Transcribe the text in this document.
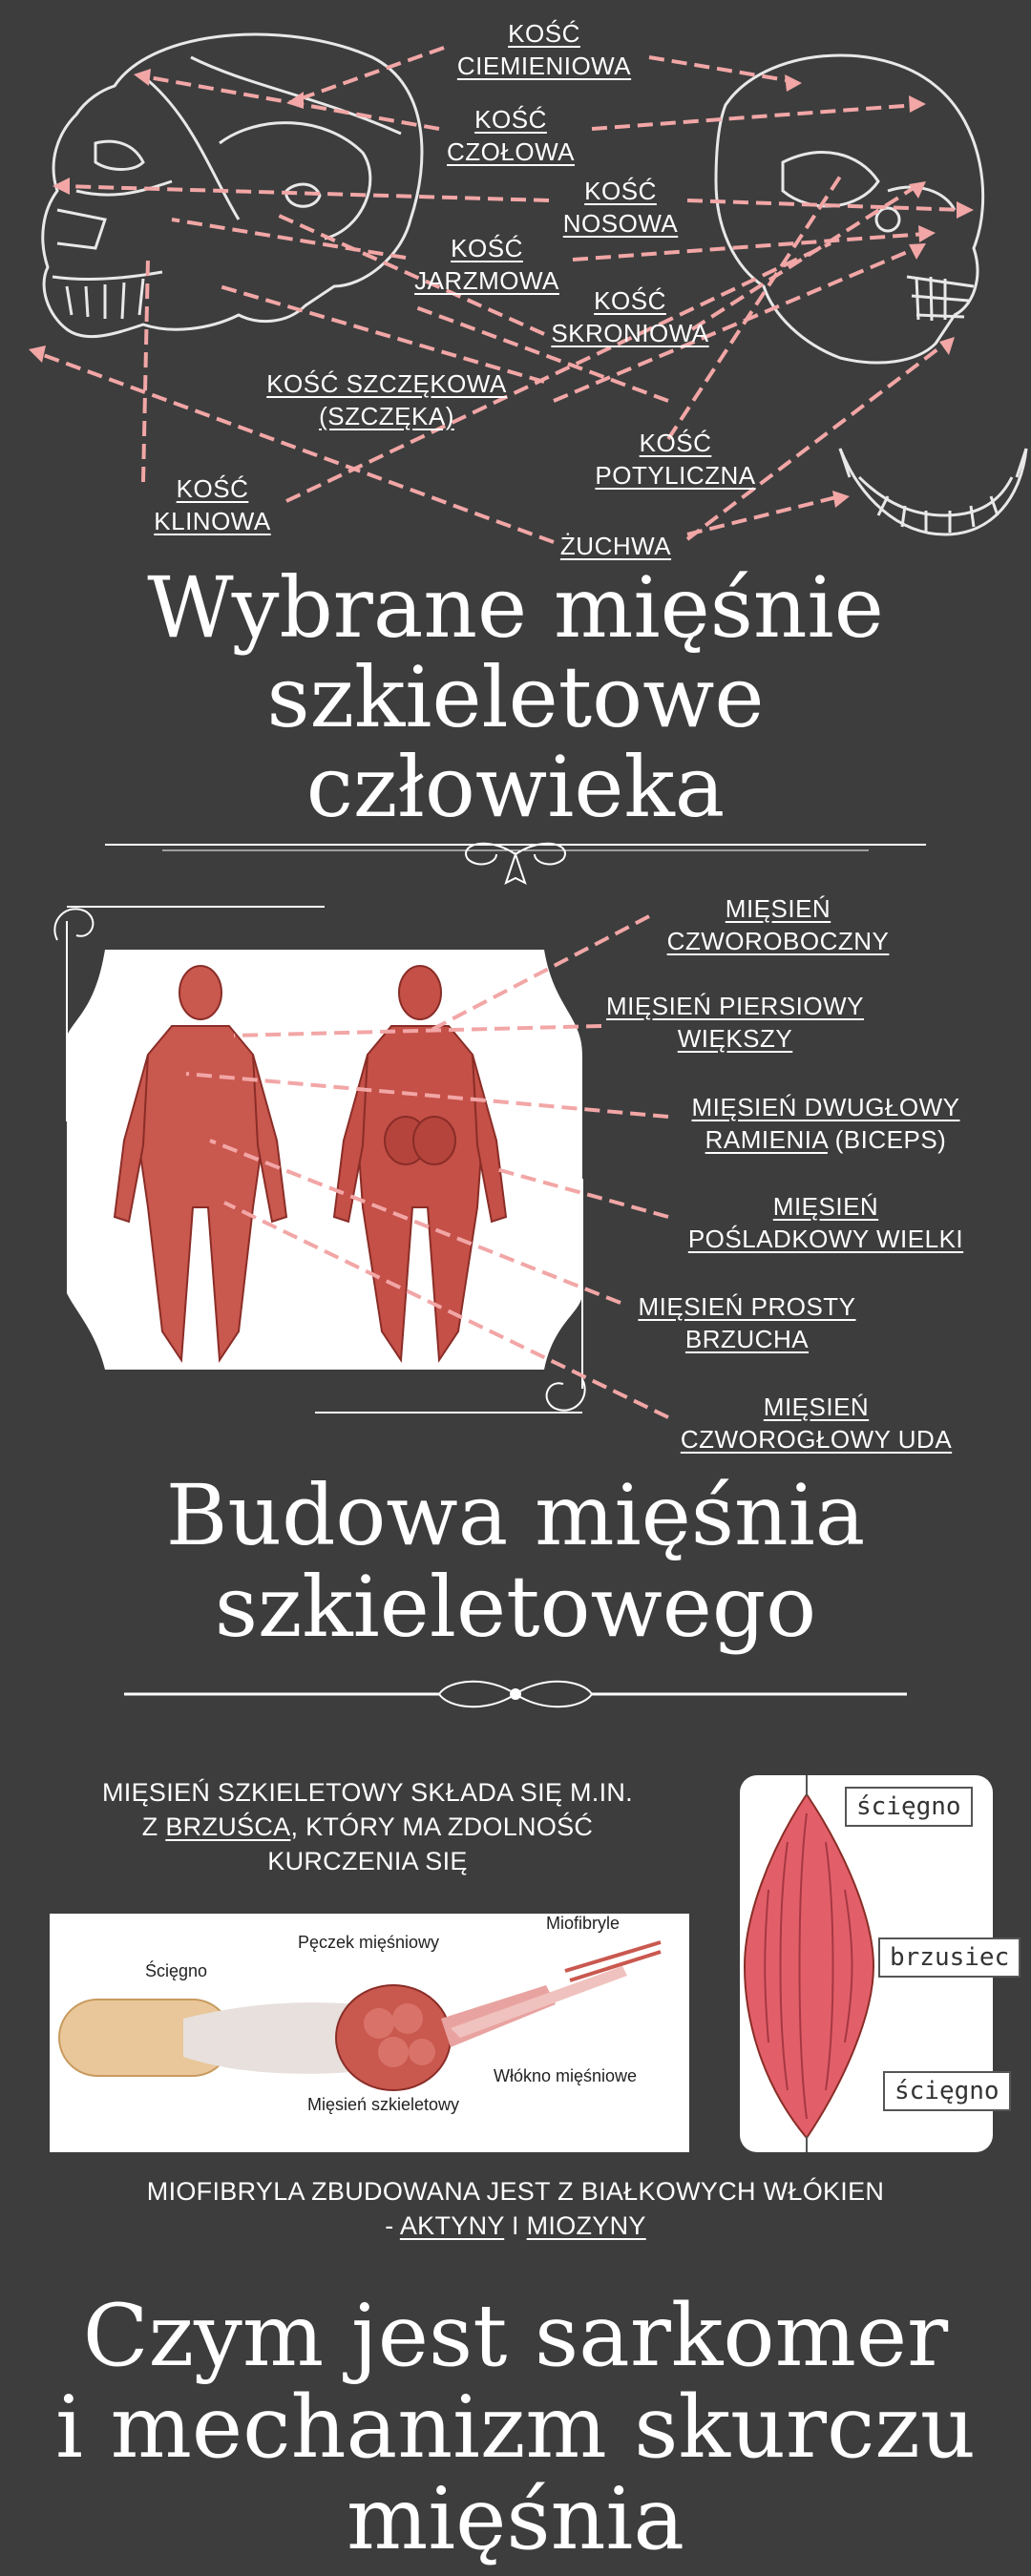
KOŚĆ
CIEMIENIOWA
KOŚĆ
CZOŁOWA
KOŚĆ
NOSOWA
KOŚĆ
JARZMOWA
KOŚĆ
SKRONIOWA
KOŚĆ SZCZĘKOWA
(SZCZĘKA)
KOŚĆ
POTYLICZNA
KOŚĆ
KLINOWA
ŻUCHWA
Wybrane mięśnie
szkieletowe
człowieka
MIĘSIEŃ
CZWOROBOCZNY
MIĘSIEŃ PIERSIOWY
WIĘKSZY
MIĘSIEŃ DWUGŁOWY
RAMIENIA (BICEPS)
MIĘSIEŃ
POŚLADKOWY WIELKI
MIĘSIEŃ PROSTY
BRZUCHA
MIĘSIEŃ
CZWOROGŁOWY UDA
Budowa mięśnia
szkieletowego
MIĘSIEŃ SZKIELETOWY SKŁADA SIĘ M.IN.
Z BRZUŚCA, KTÓRY MA ZDOLNOŚĆ
KURCZENIA SIĘ
Pęczek mięśniowy
Miofibryle
Ścięgno
Włókno mięśniowe
Mięsień szkieletowy
ścięgno
brzusiec
ścięgno
MIOFIBRYLA ZBUDOWANA JEST Z BIAŁKOWYCH WŁÓKIEN
- AKTYNY I MIOZYNY
Czym jest sarkomer
i mechanizm skurczu
mięśnia
